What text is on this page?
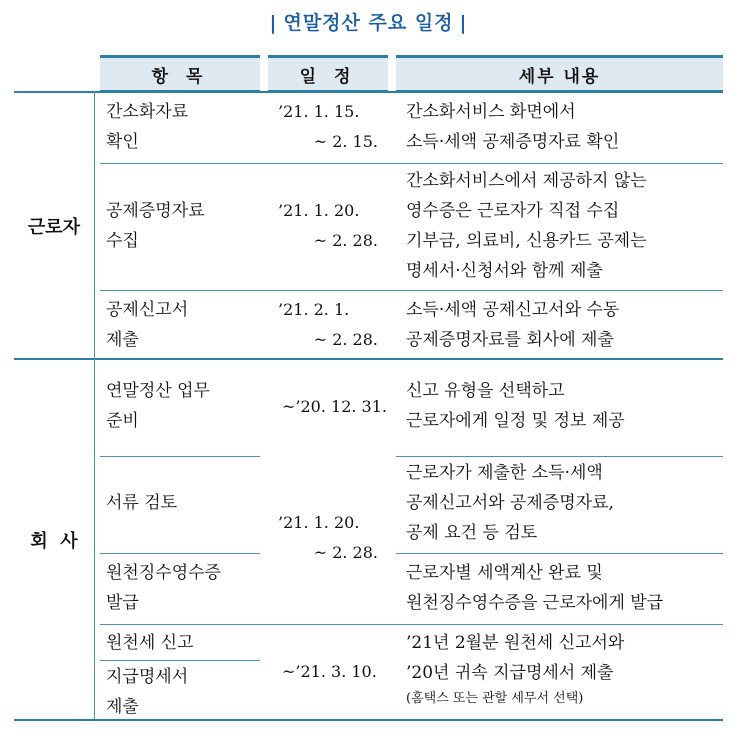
| 연말정산 주요 일정 |
항 목	일 정	세부 내용
근로자
회  사
간소화자료
확인
’21. 1. 15.
~ 2. 15.
간소화서비스 화면에서
소득·세액 공제증명자료 확인
공제증명자료
수집
’21. 1. 20.
~ 2. 28.
간소화서비스에서 제공하지 않는
영수증은 근로자가 직접 수집
기부금, 의료비, 신용카드 공제는
명세서·신청서와 함께 제출
공제신고서
제출
’21. 2. 1.
~ 2. 28.
소득·세액 공제신고서와 수동
공제증명자료를 회사에 제출
연말정산 업무
준비
~’20. 12. 31.
신고 유형을 선택하고
근로자에게 일정 및 정보 제공
서류 검토
’21. 1. 20.
~ 2. 28.
근로자가 제출한 소득·세액
공제신고서와 공제증명자료,
공제 요건 등 검토
원천징수영수증
발급
근로자별 세액계산 완료 및
원천징수영수증을 근로자에게 발급
원천세 신고
지급명세서
제출
~’21. 3. 10.
’21년 2월분 원천세 신고서와
’20년 귀속 지급명세서 제출
(홈택스 또는 관할 세무서 선택)
